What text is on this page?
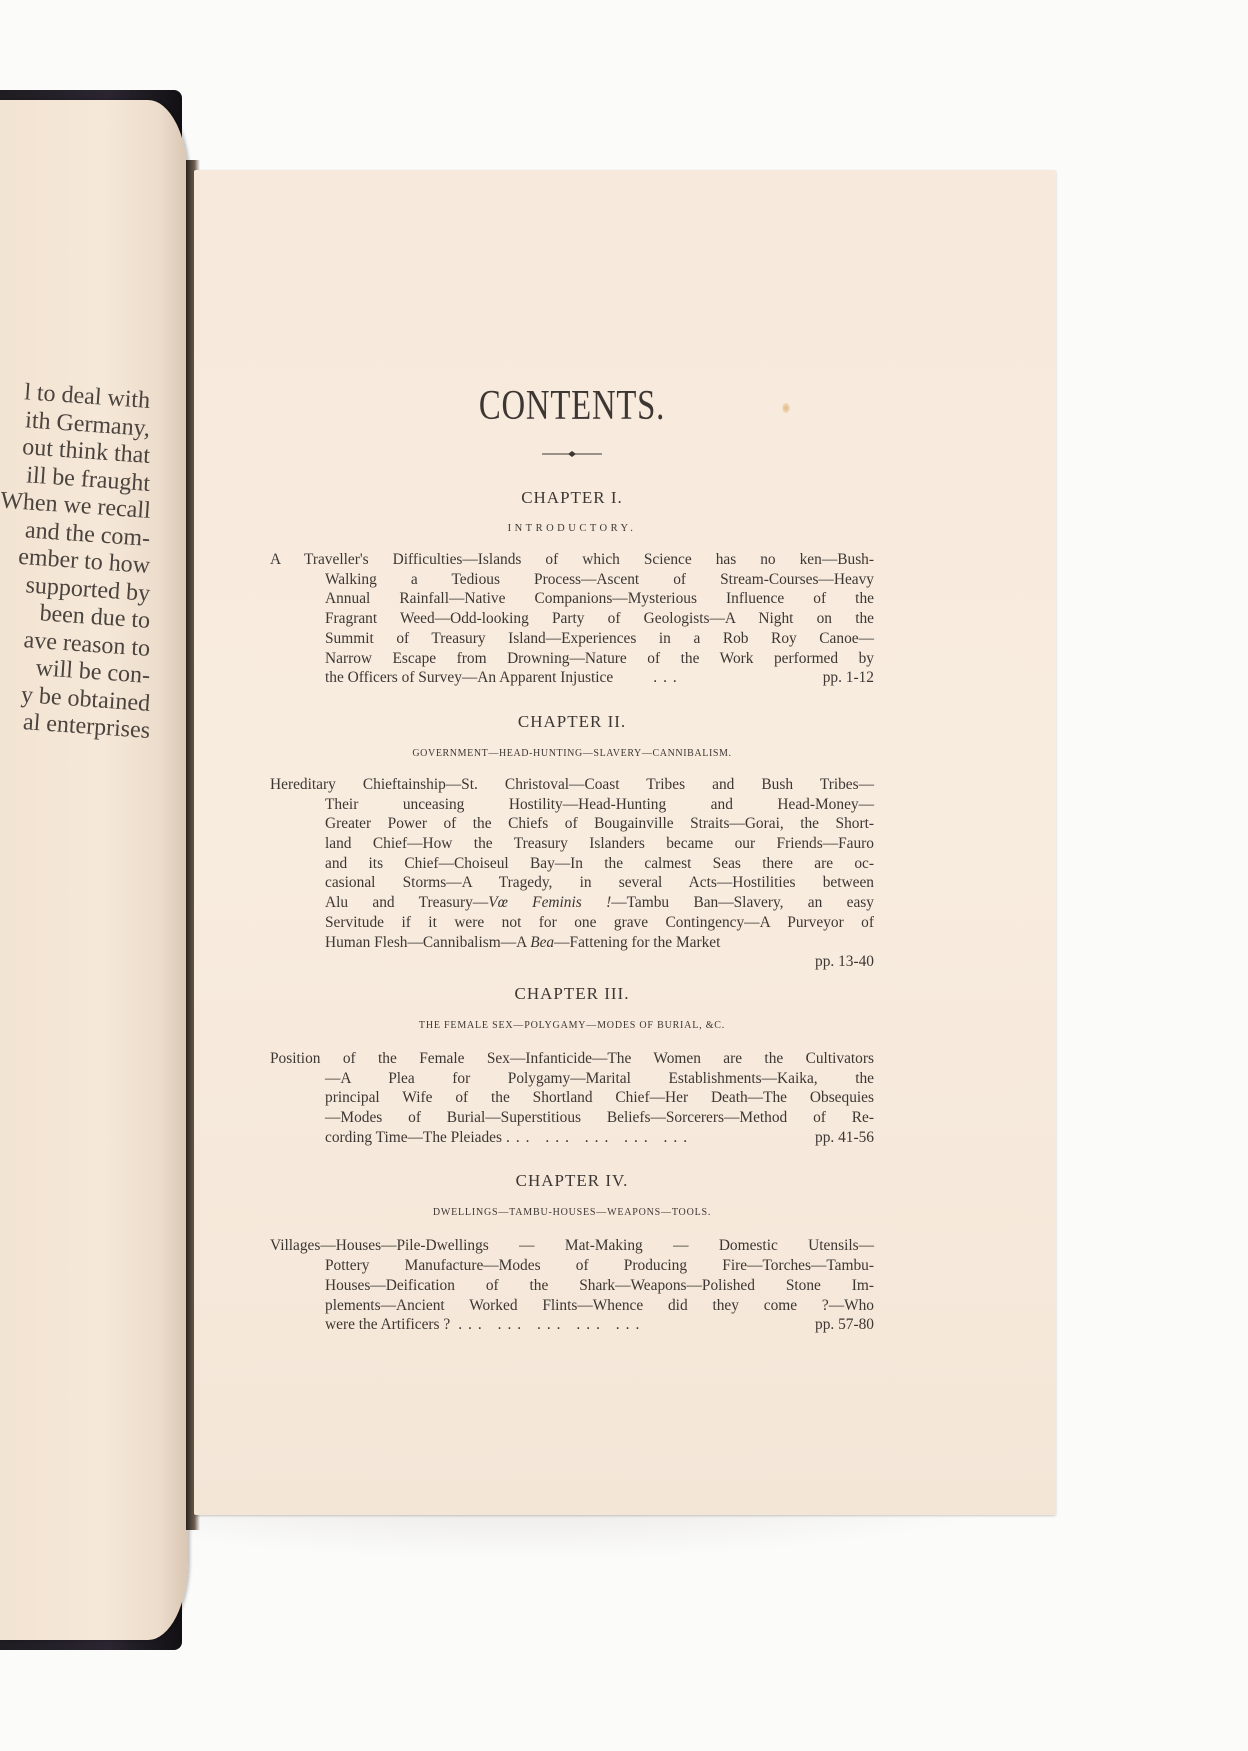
l to deal with
ith Germany,
out think that
ill be fraught
When we recall
and the com-
ember to how
supported by
been due to
ave reason to
will be con-
y be obtained
al enterprises
CONTENTS.

CHAPTER I.

INTRODUCTORY.

A Traveller's Difficulties—Islands of which Science has no ken—Bush-
Walking a Tedious Process—Ascent of Stream-Courses—Heavy
Annual Rainfall—Native Companions—Mysterious Influence of the
Fragrant Weed—Odd-looking Party of Geologists—A Night on the
Summit of Treasury Island—Experiences in a Rob Roy Canoe—
Narrow Escape from Drowning—Nature of the Work performed by
the Officers of Survey—An Apparent Injustice	...	pp. 1-12

CHAPTER II.

GOVERNMENT—HEAD-HUNTING—SLAVERY—CANNIBALISM.

Hereditary Chieftainship—St. Christoval—Coast Tribes and Bush Tribes—
Their unceasing Hostility—Head-Hunting and Head-Money—
Greater Power of the Chiefs of Bougainville Straits—Gorai, the Short-
land Chief—How the Treasury Islanders became our Friends—Fauro
and its Chief—Choiseul Bay—In the calmest Seas there are oc-
casional Storms—A Tragedy, in several Acts—Hostilities between
Alu and Treasury—Vœ Feminis !—Tambu Ban—Slavery, an easy
Servitude if it were not for one grave Contingency—A Purveyor of
Human Flesh—Cannibalism—A Bea—Fattening for the Market
pp. 13-40

CHAPTER III.

THE FEMALE SEX—POLYGAMY—MODES OF BURIAL, &C.

Position of the Female Sex—Infanticide—The Women are the Cultivators
—A Plea for Polygamy—Marital Establishments—Kaika, the
principal Wife of the Shortland Chief—Her Death—The Obsequies
—Modes of Burial—Superstitious Beliefs—Sorcerers—Method of Re-
cording Time—The Pleiades ... ... ... ... ...	pp. 41-56

CHAPTER IV.

DWELLINGS—TAMBU-HOUSES—WEAPONS—TOOLS.

Villages—Houses—Pile-Dwellings — Mat-Making — Domestic Utensils—
Pottery Manufacture—Modes of Producing Fire—Torches—Tambu-
Houses—Deification of the Shark—Weapons—Polished Stone Im-
plements—Ancient Worked Flints—Whence did they come ?—Who
were the Artificers ? ... ... ... ... ...	pp. 57-80
